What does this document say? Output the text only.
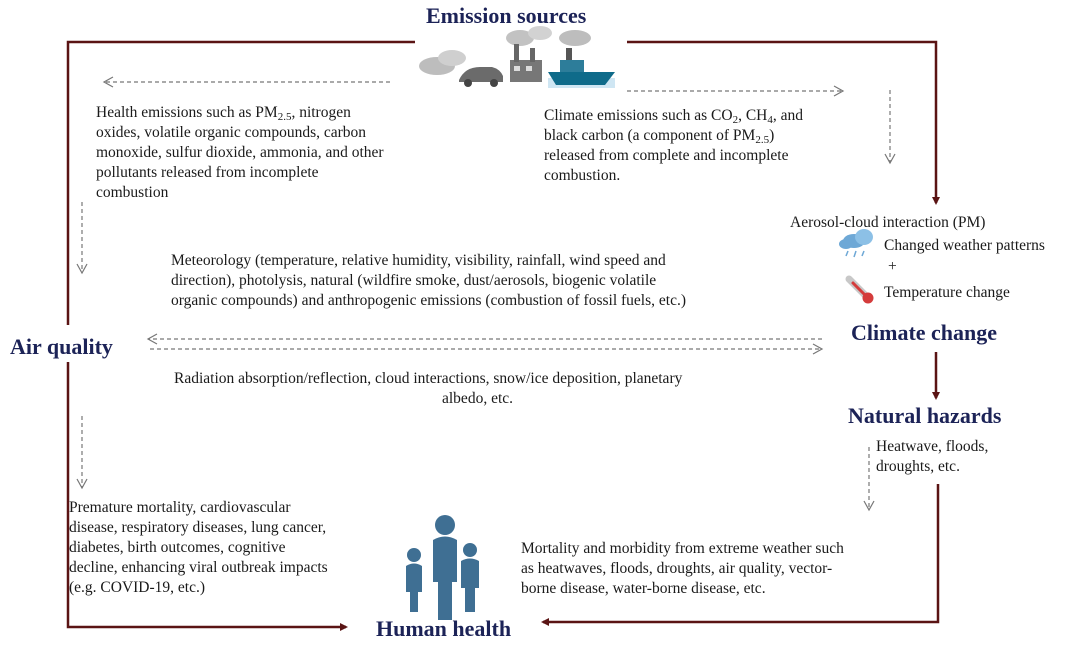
Emission sources
Air quality
Climate change
Natural hazards
Human health
Health emissions such as $PM_{2.5}$, nitrogen
oxides, volatile organic compounds, carbon
monoxide, sulfur dioxide, ammonia, and other
pollutants released from incomplete
combustion
Climate emissions such as $CO_2$, $CH_4$, and
black carbon (a component of $PM_{2.5}$)
released from complete and incomplete
combustion.
Aerosol-cloud interaction (PM)
Changed weather patterns
+
Temperature change
Meteorology (temperature, relative humidity, visibility, rainfall, wind speed and
direction), photolysis, natural (wildfire smoke, dust/aerosols, biogenic volatile
organic compounds) and anthropogenic emissions (combustion of fossil fuels, etc.)
Radiation absorption/reflection, cloud interactions, snow/ice deposition, planetary
albedo, etc.
Heatwave, floods,
droughts, etc.
Premature mortality, cardiovascular
disease, respiratory diseases, lung cancer,
diabetes, birth outcomes, cognitive
decline, enhancing viral outbreak impacts
(e.g. COVID-19, etc.)
Mortality and morbidity from extreme weather such
as heatwaves, floods, droughts, air quality, vector-
borne disease, water-borne disease, etc.
